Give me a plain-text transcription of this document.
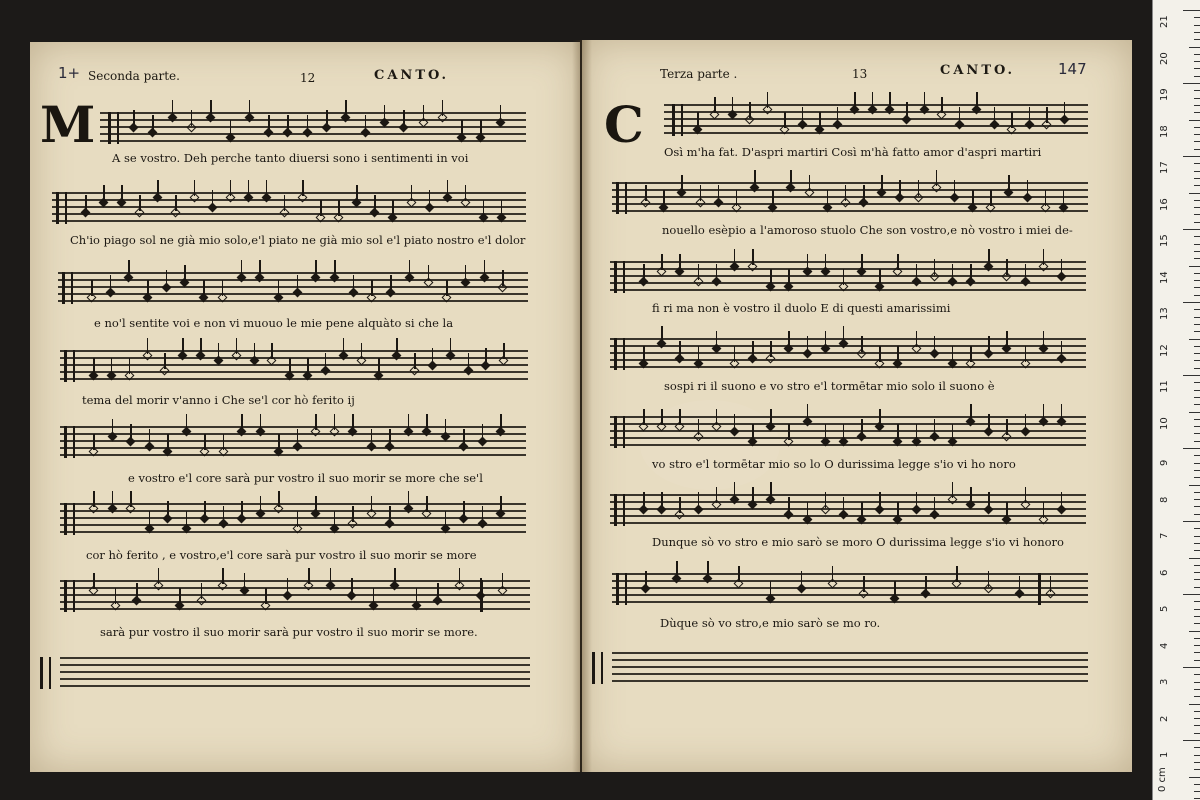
1+ Seconda parte.	12	CANTO.
M
Terza parte .	13	CANTO.	147
C
A se vostro. Deh perche tanto diuersi sono i sentimenti in voi
Ch'io piago sol ne già mio solo,e'l piato ne già mio sol e'l piato nostro e'l dolor
e no'l sentite voi e non vi muouo le mie pene alquàto si che la
tema del morir v'anno i Che se'l cor hò ferito ij
e vostro e'l core sarà pur vostro il suo morir se more che se'l
cor hò ferito , e vostro,e'l core sarà pur vostro il suo morir se more
sarà pur vostro il suo morir sarà pur vostro il suo morir se more.
Osì m'ha fat. D'aspri martiri Così m'hà fatto amor d'aspri martiri
nouello esèpio a l'amoroso stuolo Che son vostro,e nò vostro i miei de-
fi ri ma non è vostro il duolo E di questi amarissimi
sospi ri il suono e vo stro e'l tormētar mio solo il suono è
vo stro e'l tormētar mio so lo O durissima legge s'io vi ho noro
Dunque sò vo stro e mio sarò se moro O durissima legge s'io vi honoro
Dùque sò vo stro,e mio sarò se mo ro.
0 cm
21
20
19
18
17
16
15
14
13
12
11
10
9
8
7
6
5
4
3
2
1
